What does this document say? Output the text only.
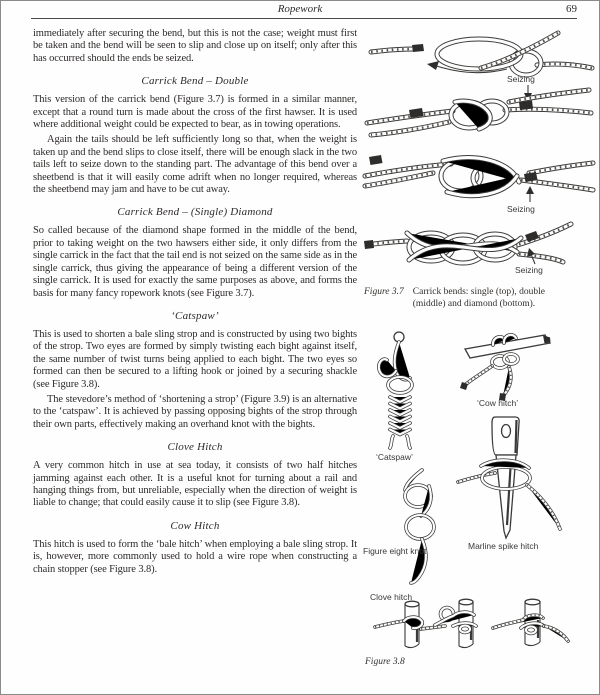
Ropework	69

immediately after securing the bend, but this is not the case; weight must first be taken and the bend will be seen to slip and close up on itself; only after this has occurred should the ends be seized.

Carrick Bend – Double

This version of the carrick bend (Figure 3.7) is formed in a similar manner, except that a round turn is made about the cross of the first hawser. It is used where additional weight could be expected to bear, as in towing operations.

Again the tails should be left sufficiently long so that, when the weight is taken up and the bend slips to close itself, there will be enough slack in the two tails left to seize down to the standing part. The advantage of this bend over a sheetbend is that it will easily come adrift when no longer required, whereas the sheetbend may jam and have to be cut away.

Carrick Bend – (Single) Diamond

So called because of the diamond shape formed in the middle of the bend, prior to taking weight on the two hawsers either side, it only differs from the single carrick in the fact that the tail end is not seized on the same side as in the single carrick, thus giving the appearance of being a different version of the single carrick. It is used for exactly the same purposes as above, and forms the basis for many fancy ropework knots (see Figure 3.7).

‘Catspaw’

This is used to shorten a bale sling strop and is constructed by using two bights of the strop. Two eyes are formed by simply twisting each bight against itself, the same number of twist turns being applied to each bight. The two eyes so formed can then be secured to a lifting hook or joined by a securing shackle (see Figure 3.8).

The stevedore’s method of ‘shortening a strop’ (Figure 3.9) is an alternative to the ‘catspaw’. It is achieved by passing opposing bights of the strop through their own parts, effectively making an overhand knot with the bights.

Clove Hitch

A very common hitch in use at sea today, it consists of two half hitches jamming against each other. It is a useful knot for turning about a rail and hanging things from, but unreliable, especially when the direction of weight is liable to change; that could easily cause it to slip (see Figure 3.8).

Cow Hitch

This hitch is used to form the ‘bale hitch’ when employing a bale sling strop. It is, however, more commonly used to hold a wire rope when constructing a chain stopper (see Figure 3.8).

Seizing
Seizing
Seizing
Figure 3.7 Carrick bends: single (top), double (middle) and diamond (bottom).
‘Cow hitch’
‘Catspaw’
Figure eight knot	Marline spike hitch
Clove hitch
Figure 3.8
